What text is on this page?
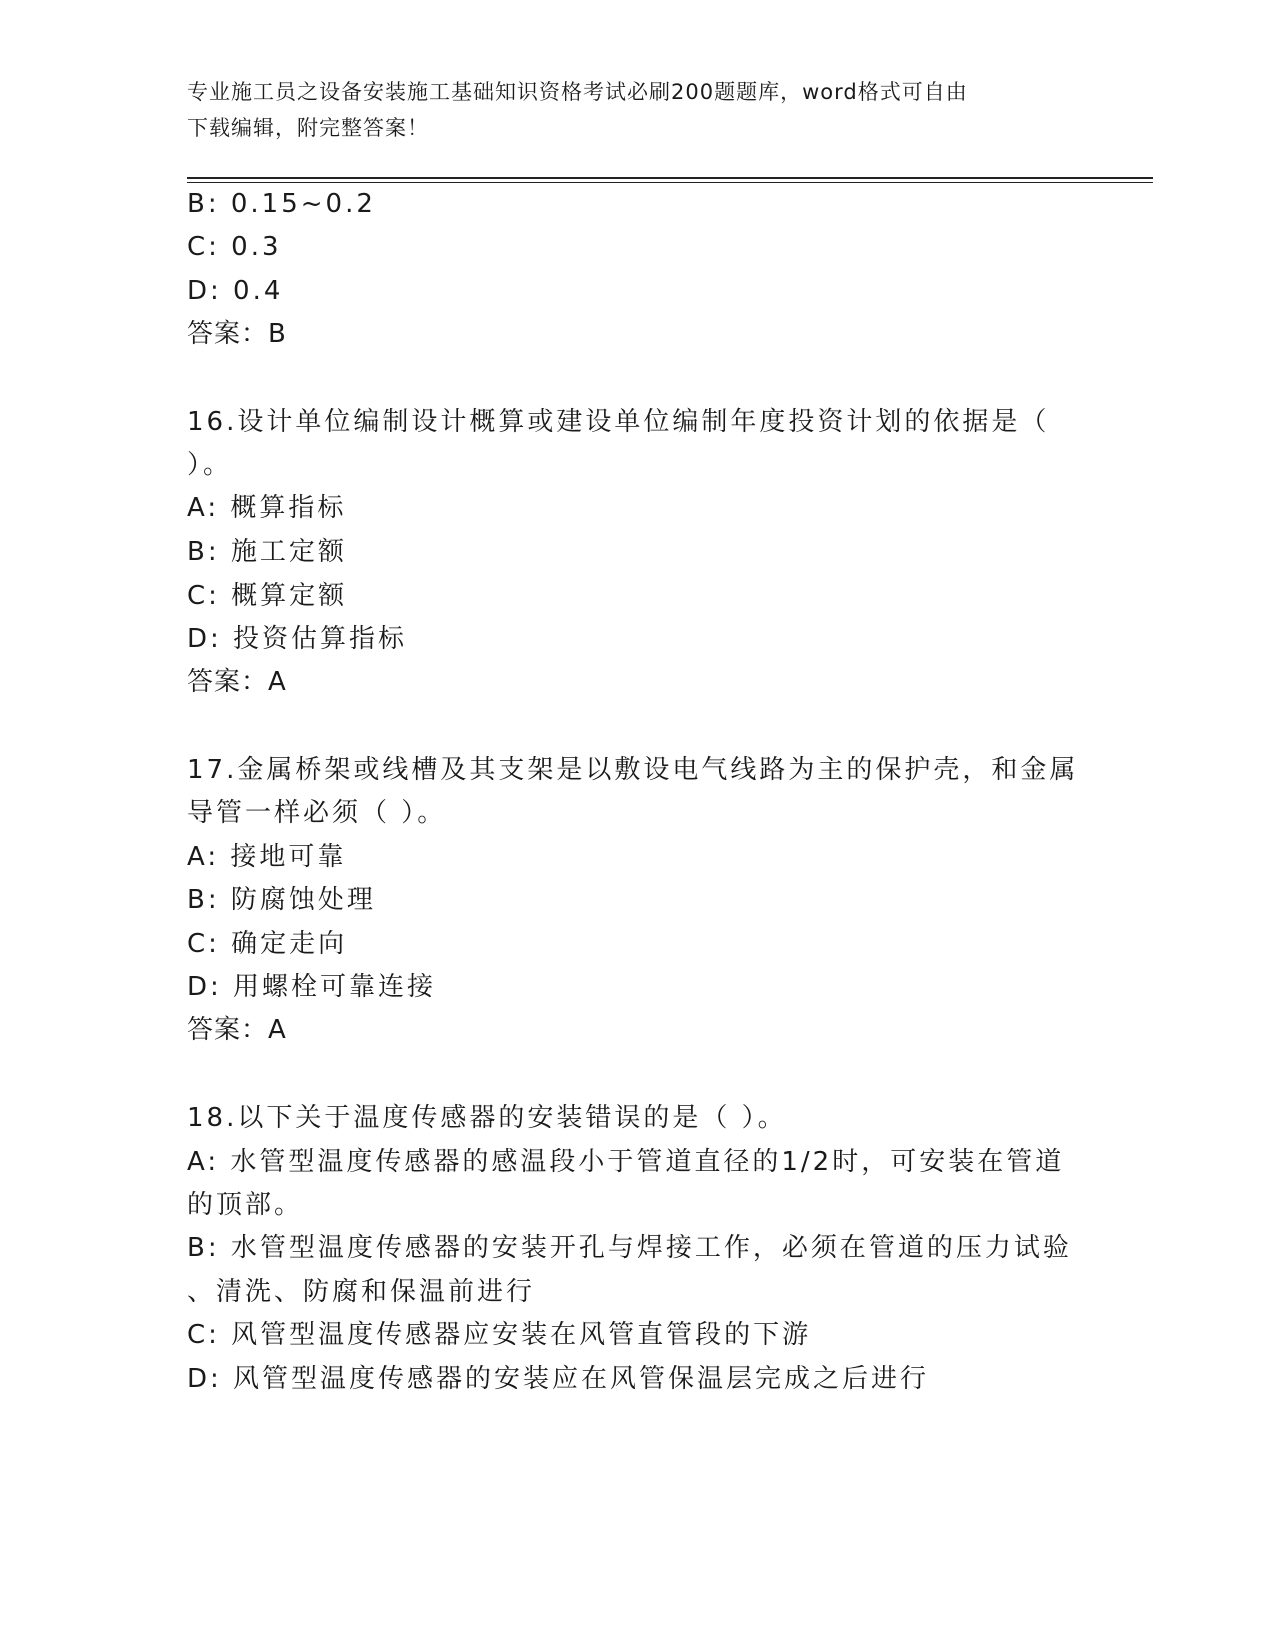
专业施工员之设备安装施工基础知识资格考试必刷200题题库，word格式可自由
下载编辑，附完整答案！
B: 0.15~0.2
C: 0.3
D: 0.4
答案：B
16.设计单位编制设计概算或建设单位编制年度投资计划的依据是（
）。
A: 概算指标
B: 施工定额
C: 概算定额
D: 投资估算指标
答案：A
17.金属桥架或线槽及其支架是以敷设电气线路为主的保护壳，和金属
导管一样必须（ ）。
A: 接地可靠
B: 防腐蚀处理
C: 确定走向
D: 用螺栓可靠连接
答案：A
18.以下关于温度传感器的安装错误的是（ ）。
A: 水管型温度传感器的感温段小于管道直径的1/2时，可安装在管道
的顶部。
B: 水管型温度传感器的安装开孔与焊接工作，必须在管道的压力试验
、清洗、防腐和保温前进行
C: 风管型温度传感器应安装在风管直管段的下游
D: 风管型温度传感器的安装应在风管保温层完成之后进行
